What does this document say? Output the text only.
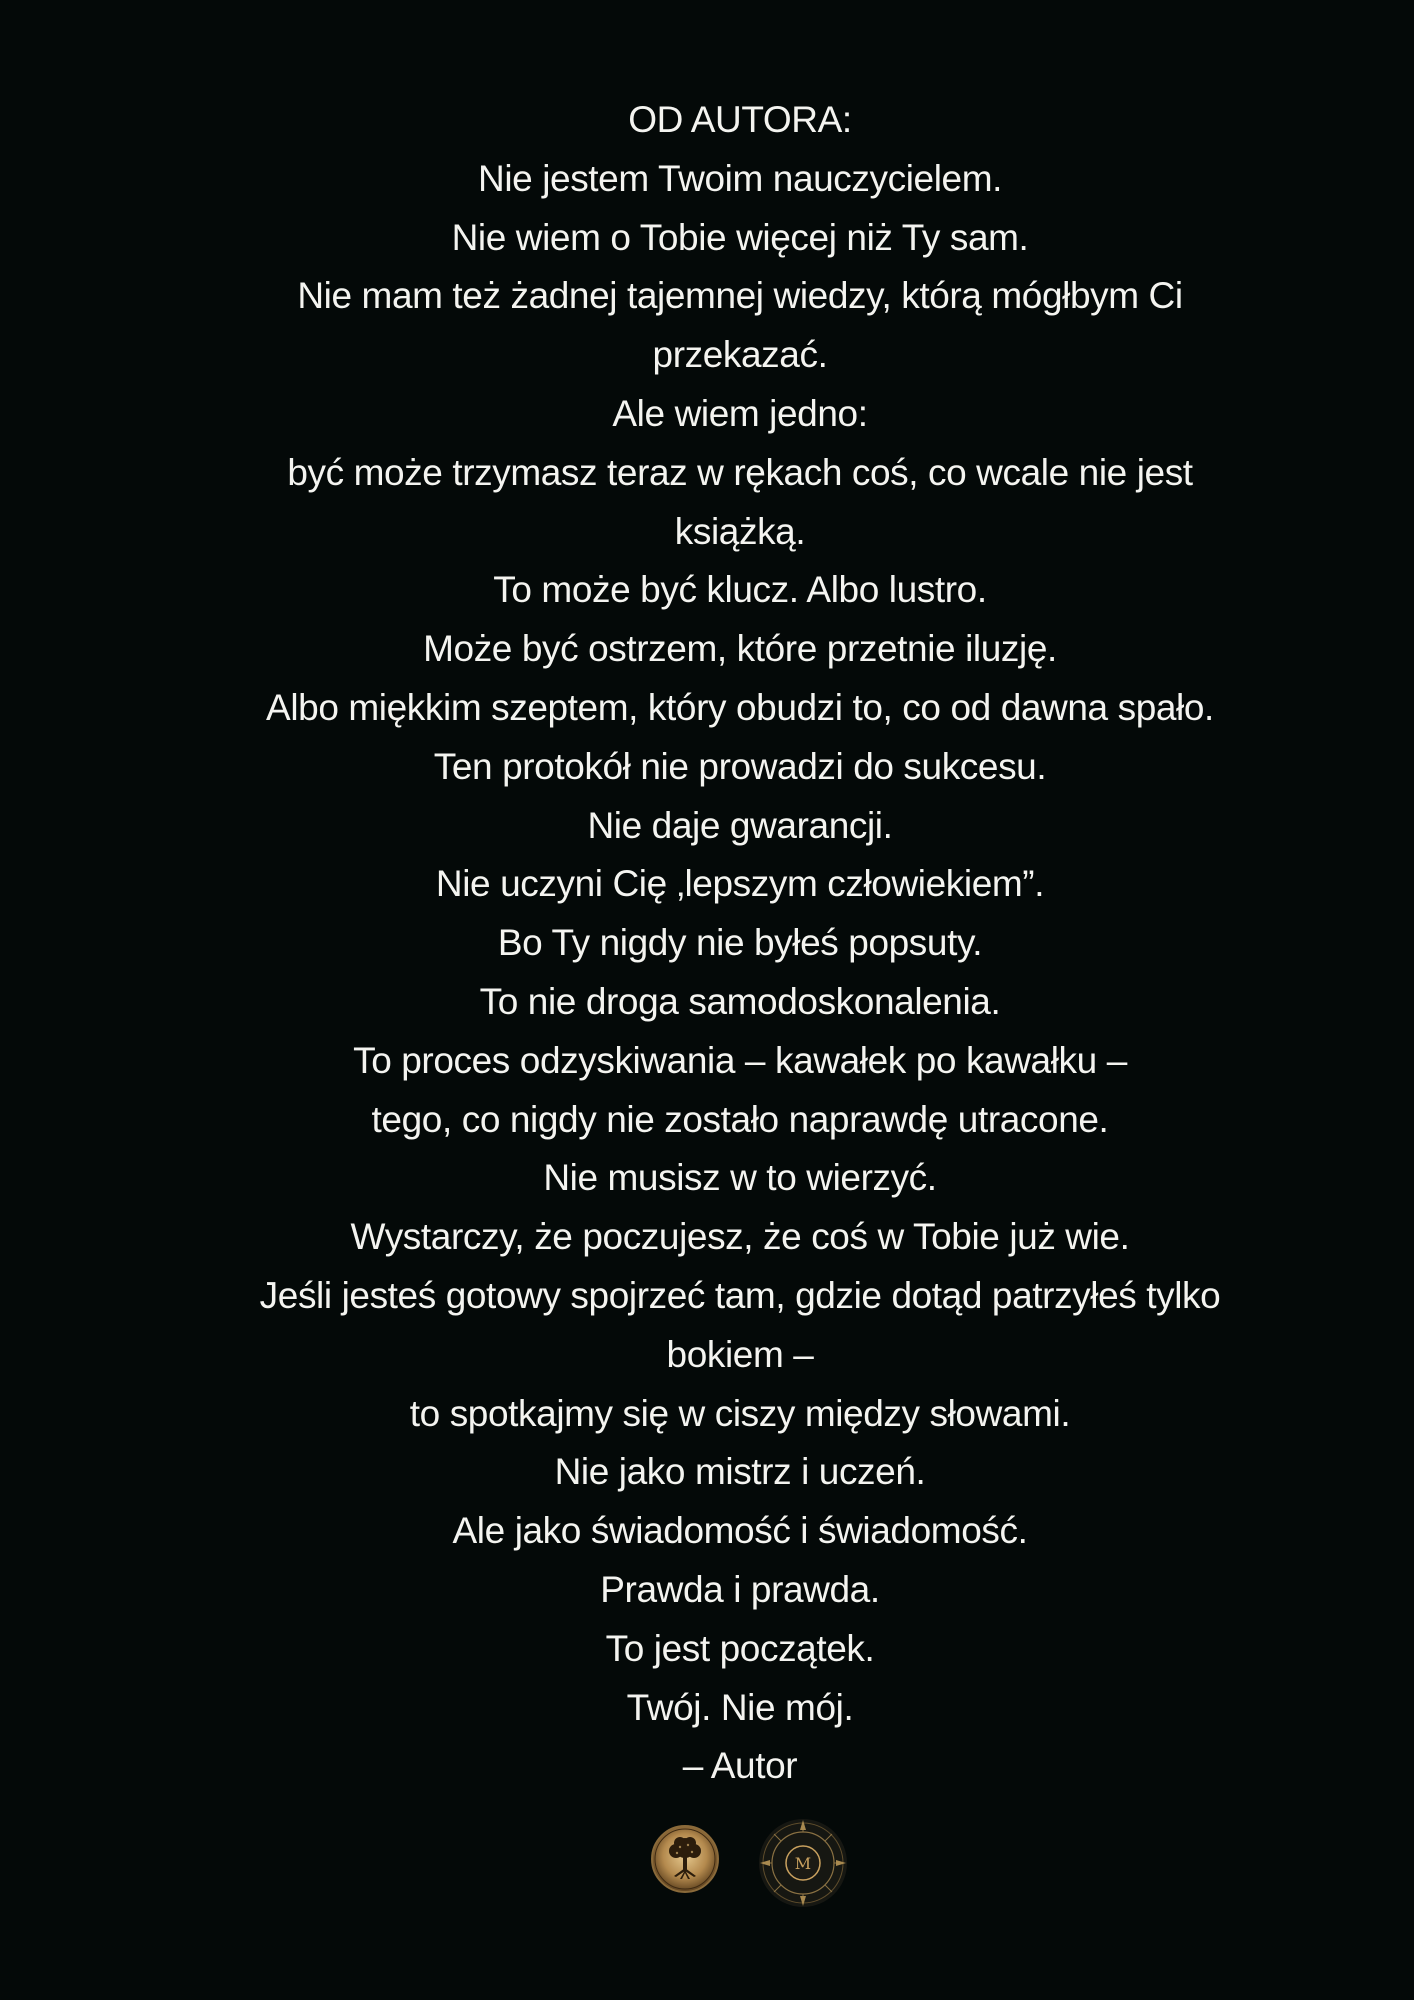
OD AUTORA:
Nie jestem Twoim nauczycielem.
Nie wiem o Tobie więcej niż Ty sam.
Nie mam też żadnej tajemnej wiedzy, którą mógłbym Ci
przekazać.
Ale wiem jedno:
być może trzymasz teraz w rękach coś, co wcale nie jest
książką.
To może być klucz. Albo lustro.
Może być ostrzem, które przetnie iluzję.
Albo miękkim szeptem, który obudzi to, co od dawna spało.
Ten protokół nie prowadzi do sukcesu.
Nie daje gwarancji.
Nie uczyni Cię ‚lepszym człowiekiem”.
Bo Ty nigdy nie byłeś popsuty.
To nie droga samodoskonalenia.
To proces odzyskiwania – kawałek po kawałku –
tego, co nigdy nie zostało naprawdę utracone.
Nie musisz w to wierzyć.
Wystarczy, że poczujesz, że coś w Tobie już wie.
Jeśli jesteś gotowy spojrzeć tam, gdzie dotąd patrzyłeś tylko
bokiem –
to spotkajmy się w ciszy między słowami.
Nie jako mistrz i uczeń.
Ale jako świadomość i świadomość.
Prawda i prawda.
To jest początek.
Twój. Nie mój.
– Autor
M
